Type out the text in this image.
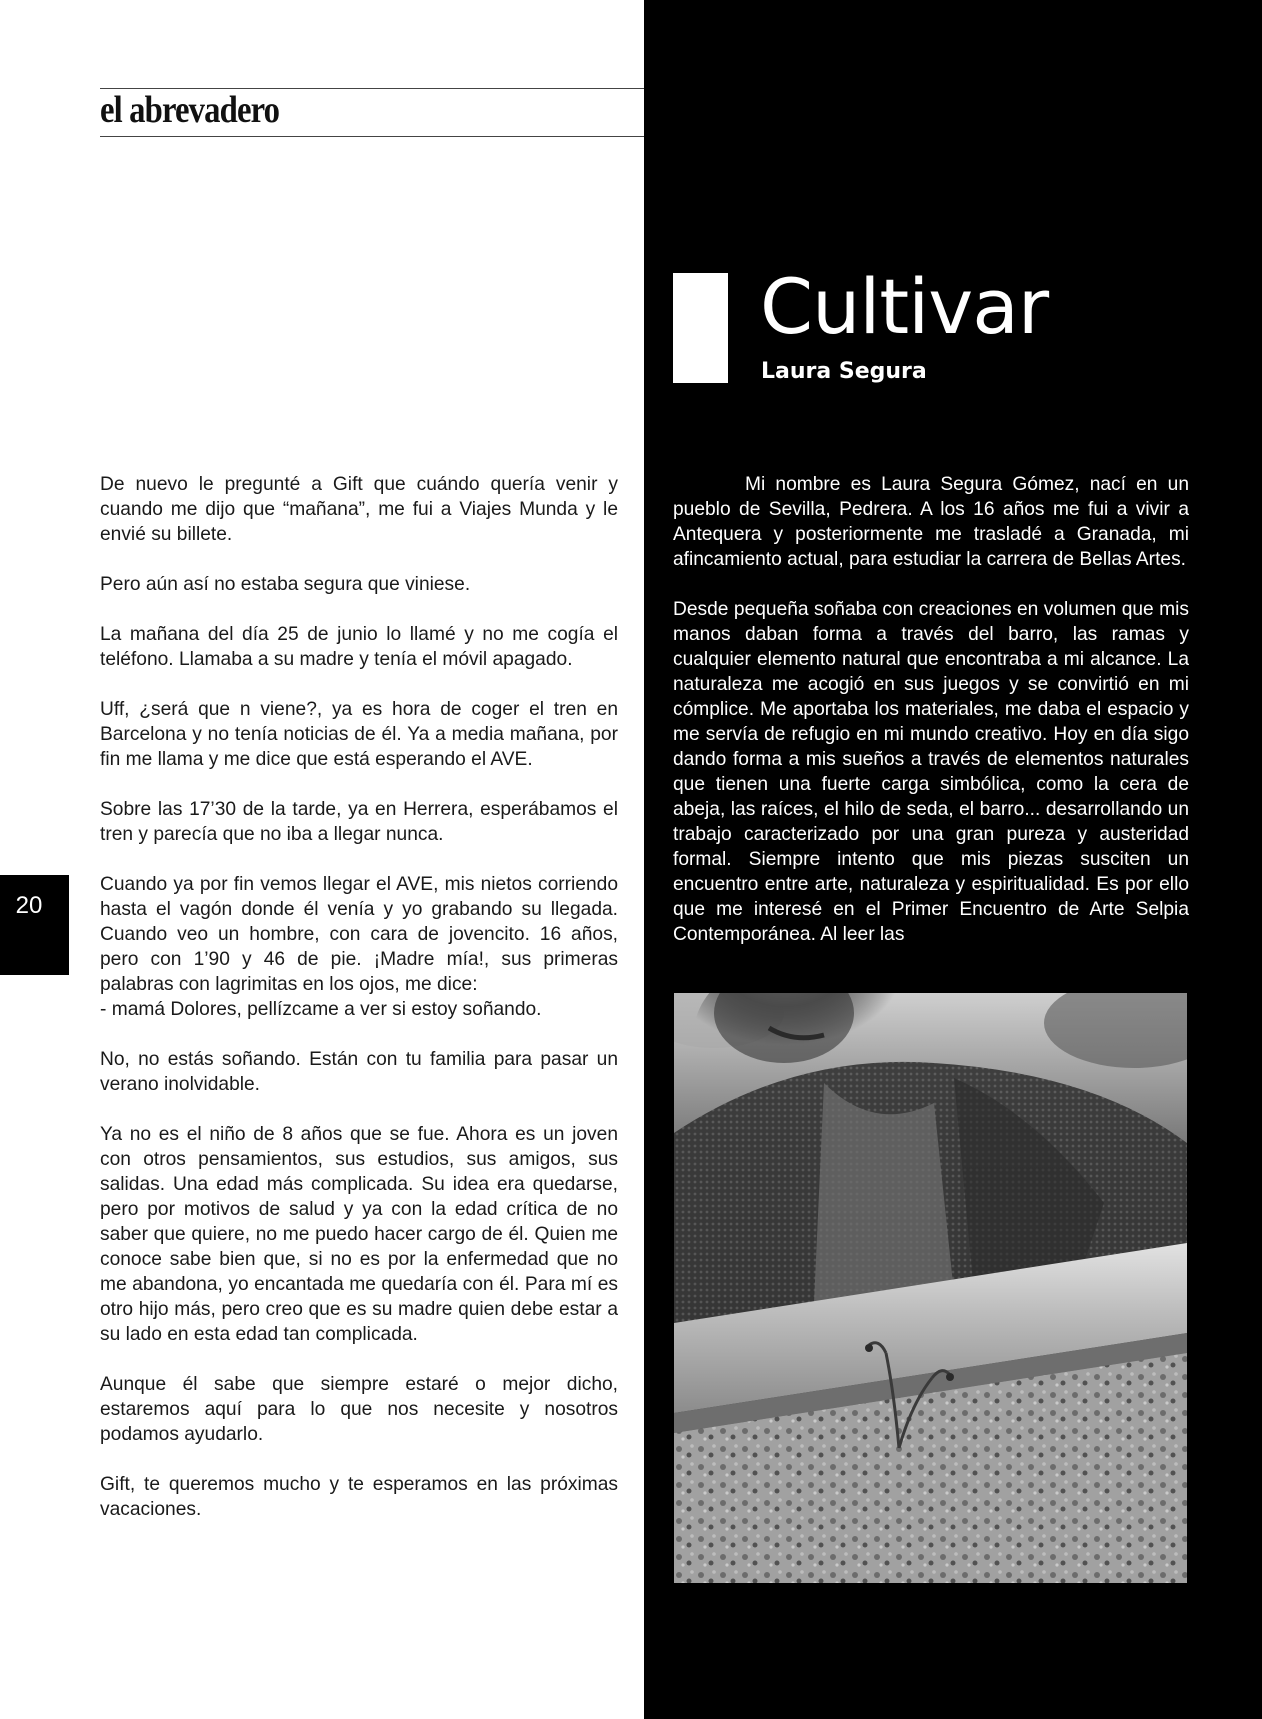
el abrevadero

De nuevo le pregunté a Gift que cuándo quería venir y cuando me dijo que “mañana”, me fui a Viajes Munda y le envié su billete.

Pero aún así no estaba segura que viniese.

La mañana del día 25 de junio lo llamé y no me cogía el teléfono. Llamaba a su madre y tenía el móvil apagado.

Uff, ¿será que n viene?, ya es hora de coger el tren en Barcelona y no tenía noticias de él. Ya a media mañana, por fin me llama y me dice que está esperando el AVE.

Sobre las 17’30 de la tarde, ya en Herrera, esperábamos el tren y parecía que no iba a llegar nunca.

Cuando ya por fin vemos llegar el AVE, mis nietos corriendo hasta el vagón donde él venía y yo grabando su llegada. Cuando veo un hombre, con cara de jovencito. 16 años, pero con 1’90 y 46 de pie. ¡Madre mía!, sus primeras palabras con lagrimitas en los ojos, me dice:

- mamá Dolores, pellízcame a ver si estoy soñando.

No, no estás soñando. Están con tu familia para pasar un verano inolvidable.

Ya no es el niño de 8 años que se fue. Ahora es un joven con otros pensamientos, sus estudios, sus amigos, sus salidas. Una edad más complicada. Su idea era quedarse, pero por motivos de salud y ya con la edad crítica de no saber que quiere, no me puedo hacer cargo de él. Quien me conoce sabe bien que, si no es por la enfermedad que no me abandona, yo encantada me quedaría con él. Para mí es otro hijo más, pero creo que es su madre quien debe estar a su lado en esta edad tan complicada.

Aunque él sabe que siempre estaré o mejor dicho, estaremos aquí para lo que nos necesite y nosotros podamos ayudarlo.

Gift, te queremos mucho y te esperamos en las próximas vacaciones.

20
Cultivar
Laura Segura

Mi nombre es Laura Segura Gómez, nací en un pueblo de Sevilla, Pedrera. A los 16 años me fui a vivir a Antequera y posteriormente me trasladé a Granada, mi afincamiento actual, para estudiar la carrera de Bellas Artes.

Desde pequeña soñaba con creaciones en volumen que mis manos daban forma a través del barro, las ramas y cualquier elemento natural que encontraba a mi alcance. La naturaleza me acogió en sus juegos y se convirtió en mi cómplice. Me aportaba los materiales, me daba el espacio y me servía de refugio en mi mundo creativo. Hoy en día sigo dando forma a mis sueños a través de elementos naturales que tienen una fuerte carga simbólica, como la cera de abeja, las raíces, el hilo de seda, el barro... desarrollando un trabajo caracterizado por una gran pureza y austeridad formal. Siempre intento que mis piezas susciten un encuentro entre arte, naturaleza y espiritualidad. Es por ello que me interesé en el Primer Encuentro de Arte Selpia Contemporánea. Al leer las
